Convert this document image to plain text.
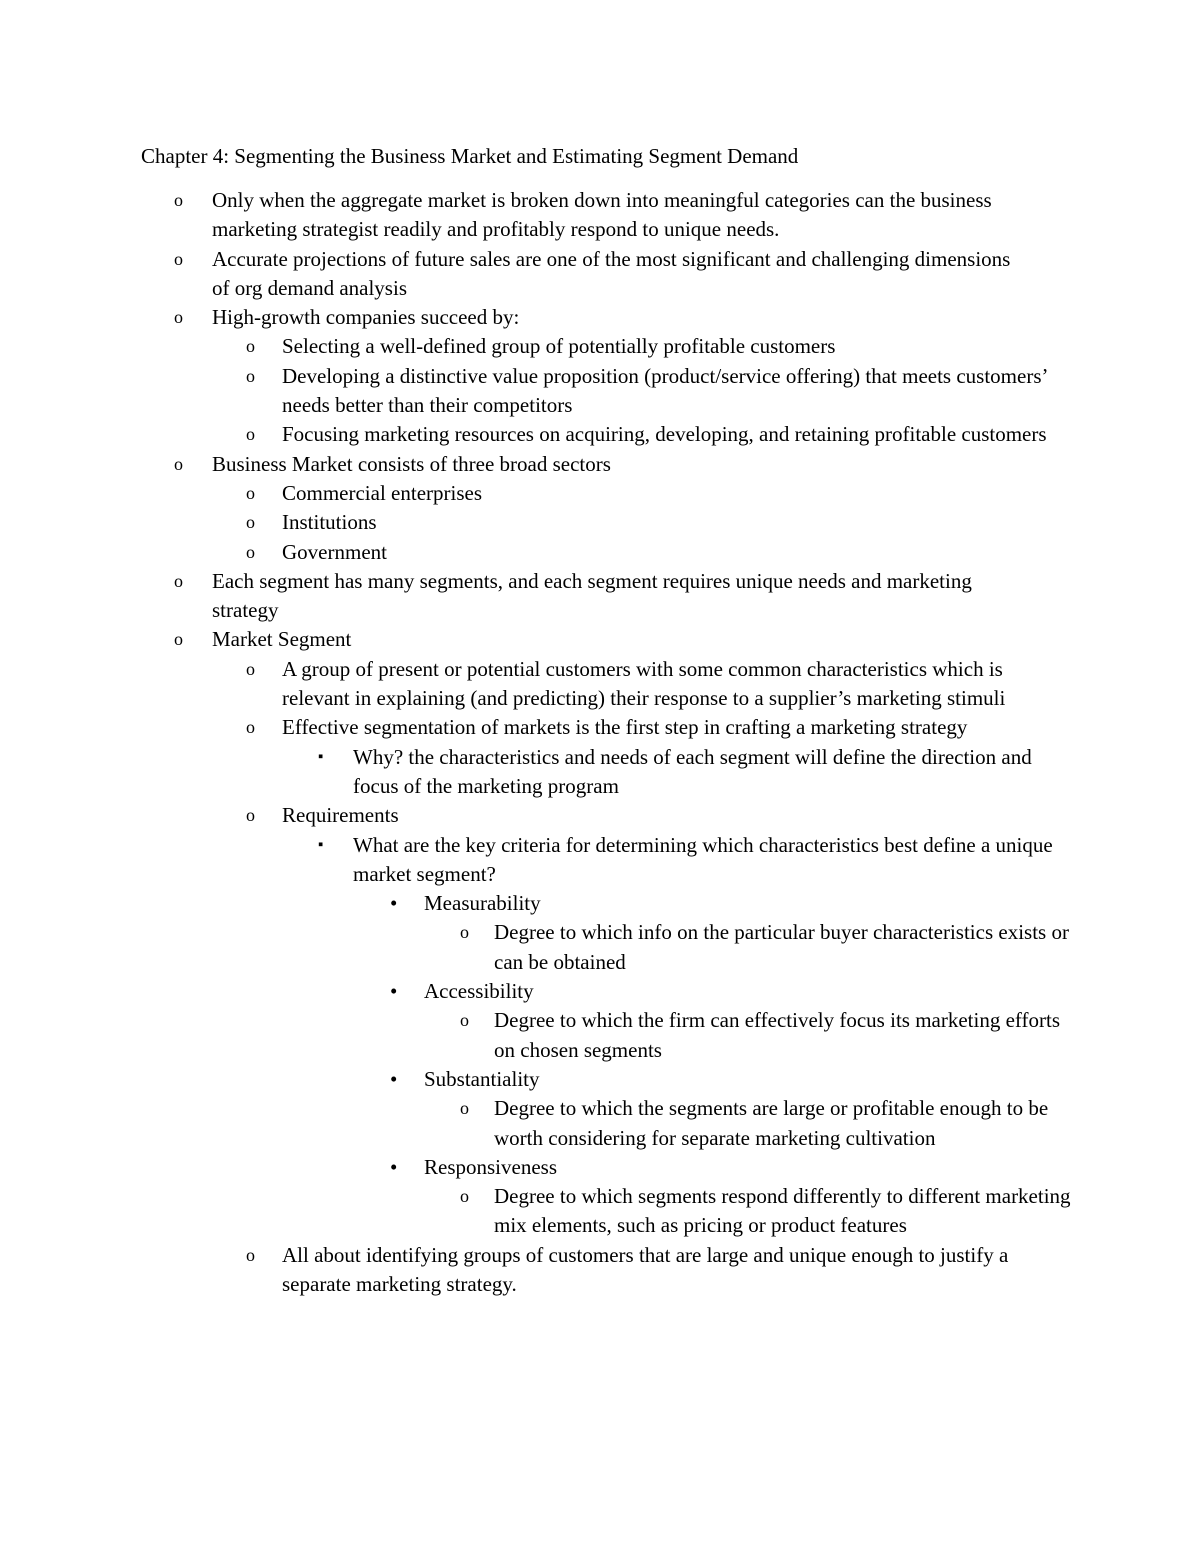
Chapter 4: Segmenting the Business Market and Estimating Segment Demand
o Only when the aggregate market is broken down into meaningful categories can the business marketing strategist readily and profitably respond to unique needs.
o Accurate projections of future sales are one of the most significant and challenging dimensions of org demand analysis
o High-growth companies succeed by:
o Selecting a well-defined group of potentially profitable customers
o Developing a distinctive value proposition (product/service offering) that meets customers’ needs better than their competitors
o Focusing marketing resources on acquiring, developing, and retaining profitable customers
o Business Market consists of three broad sectors
o Commercial enterprises
o Institutions
o Government
o Each segment has many segments, and each segment requires unique needs and marketing strategy
o Market Segment
o A group of present or potential customers with some common characteristics which is relevant in explaining (and predicting) their response to a supplier’s marketing stimuli
o Effective segmentation of markets is the first step in crafting a marketing strategy
▪ Why? the characteristics and needs of each segment will define the direction and focus of the marketing program
o Requirements
▪ What are the key criteria for determining which characteristics best define a unique market segment?
• Measurability
o Degree to which info on the particular buyer characteristics exists or can be obtained
• Accessibility
o Degree to which the firm can effectively focus its marketing efforts on chosen segments
• Substantiality
o Degree to which the segments are large or profitable enough to be worth considering for separate marketing cultivation
• Responsiveness
o Degree to which segments respond differently to different marketing mix elements, such as pricing or product features
o All about identifying groups of customers that are large and unique enough to justify a separate marketing strategy.
